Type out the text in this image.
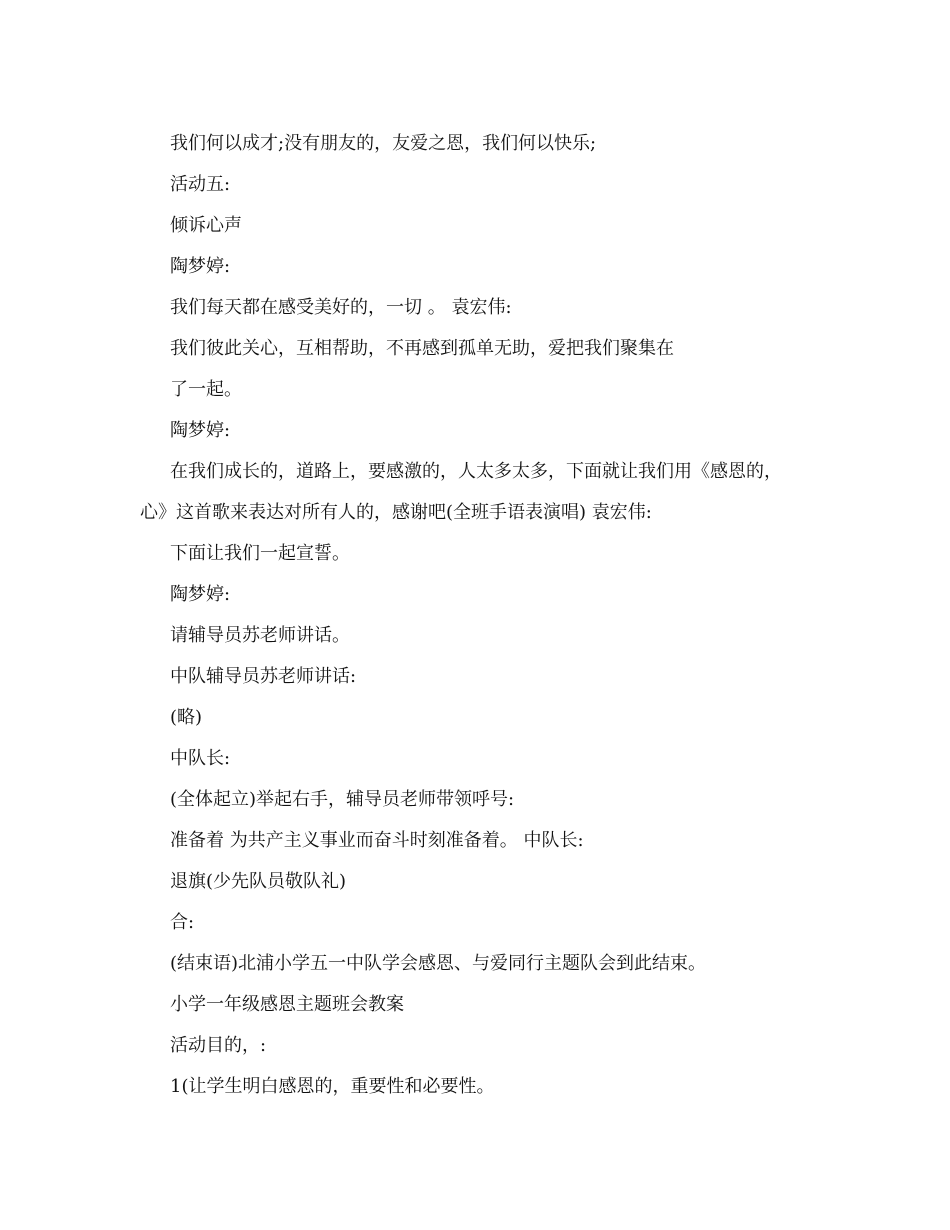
我们何以成才;没有朋友的，友爱之恩，我们何以快乐;

活动五:

倾诉心声

陶梦婷:

我们每天都在感受美好的，一切 。 袁宏伟:

我们彼此关心，互相帮助，不再感到孤单无助，爱把我们聚集在

了一起。

陶梦婷:

在我们成长的，道路上，要感激的，人太多太多，下面就让我们用《感恩的，

心》这首歌来表达对所有人的，感谢吧(全班手语表演唱) 袁宏伟:

下面让我们一起宣誓。

陶梦婷:

请辅导员苏老师讲话。

中队辅导员苏老师讲话:

(略)

中队长:

(全体起立)举起右手，辅导员老师带领呼号:

准备着 为共产主义事业而奋斗时刻准备着。 中队长:

退旗(少先队员敬队礼)

合:

(结束语)北浦小学五一中队学会感恩、与爱同行主题队会到此结束。

小学一年级感恩主题班会教案

活动目的，:

1(让学生明白感恩的，重要性和必要性。
